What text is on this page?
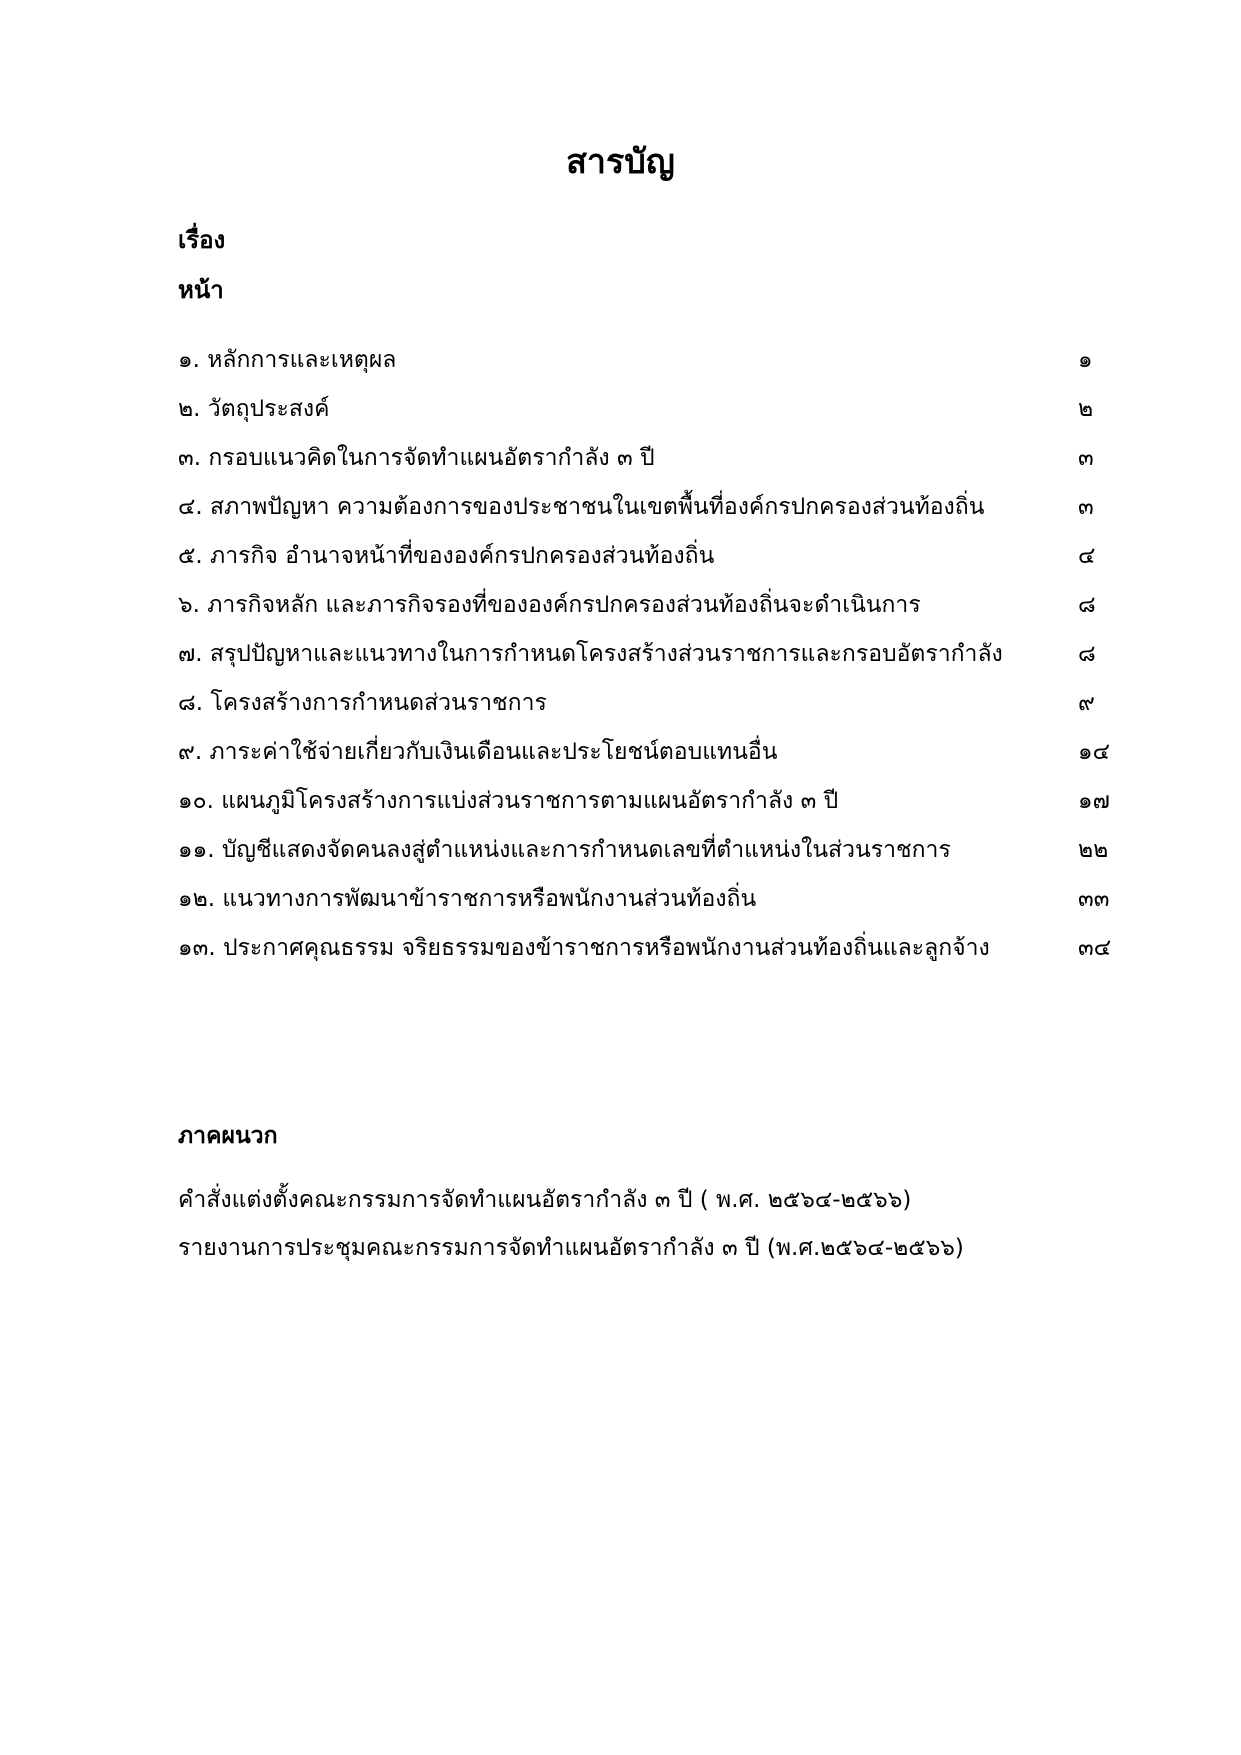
สารบัญ
เรื่อง
หน้า
๑. หลักการและเหตุผล	๑
๒. วัตถุประสงค์	๒
๓. กรอบแนวคิดในการจัดทำแผนอัตรากำลัง ๓ ปี	๓
๔. สภาพปัญหา ความต้องการของประชาชนในเขตพื้นที่องค์กรปกครองส่วนท้องถิ่น	๓
๕. ภารกิจ อำนาจหน้าที่ขององค์กรปกครองส่วนท้องถิ่น	๔
๖. ภารกิจหลัก และภารกิจรองที่ขององค์กรปกครองส่วนท้องถิ่นจะดำเนินการ	๘
๗. สรุปปัญหาและแนวทางในการกำหนดโครงสร้างส่วนราชการและกรอบอัตรากำลัง	๘
๘. โครงสร้างการกำหนดส่วนราชการ	๙
๙. ภาระค่าใช้จ่ายเกี่ยวกับเงินเดือนและประโยชน์ตอบแทนอื่น	๑๔
๑๐. แผนภูมิโครงสร้างการแบ่งส่วนราชการตามแผนอัตรากำลัง ๓ ปี	๑๗
๑๑. บัญชีแสดงจัดคนลงสู่ตำแหน่งและการกำหนดเลขที่ตำแหน่งในส่วนราชการ	๒๒
๑๒. แนวทางการพัฒนาข้าราชการหรือพนักงานส่วนท้องถิ่น	๓๓
๑๓. ประกาศคุณธรรม จริยธรรมของข้าราชการหรือพนักงานส่วนท้องถิ่นและลูกจ้าง	๓๔
ภาคผนวก
คำสั่งแต่งตั้งคณะกรรมการจัดทำแผนอัตรากำลัง ๓ ปี ( พ.ศ. ๒๕๖๔-๒๕๖๖)
รายงานการประชุมคณะกรรมการจัดทำแผนอัตรากำลัง ๓ ปี (พ.ศ.๒๕๖๔-๒๕๖๖)
